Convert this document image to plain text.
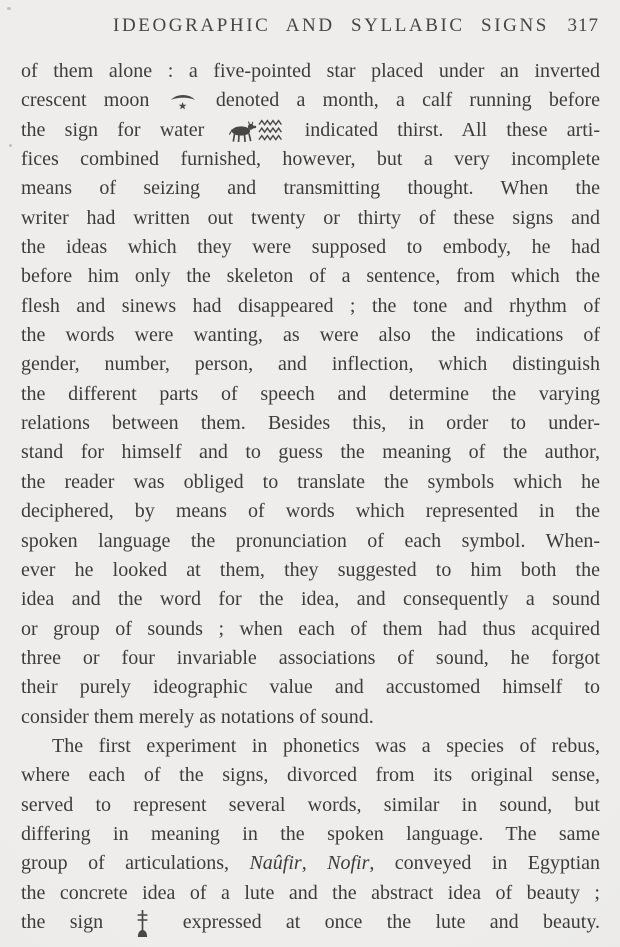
IDEOGRAPHIC AND SYLLABIC SIGNS 317
of them alone : a five-pointed star placed under an inverted
crescent moon	denoted a month, a calf running before
the sign for water	indicated thirst. All these arti-
fices combined furnished, however, but a very incomplete
means of seizing and transmitting thought. When the
writer had written out twenty or thirty of these signs and
the ideas which they were supposed to embody, he had
before him only the skeleton of a sentence, from which the
flesh and sinews had disappeared ; the tone and rhythm of
the words were wanting, as were also the indications of
gender, number, person, and inflection, which distinguish
the different parts of speech and determine the varying
relations between them. Besides this, in order to under-
stand for himself and to guess the meaning of the author,
the reader was obliged to translate the symbols which he
deciphered, by means of words which represented in the
spoken language the pronunciation of each symbol. When-
ever he looked at them, they suggested to him both the
idea and the word for the idea, and consequently a sound
or group of sounds ; when each of them had thus acquired
three or four invariable associations of sound, he forgot
their purely ideographic value and accustomed himself to
consider them merely as notations of sound.
The first experiment in phonetics was a species of rebus,
where each of the signs, divorced from its original sense,
served to represent several words, similar in sound, but
differing in meaning in the spoken language. The same
group of articulations, Naûfir, Nofir, conveyed in Egyptian
the concrete idea of a lute and the abstract idea of beauty ;
the sign	expressed at once the lute and beauty.
